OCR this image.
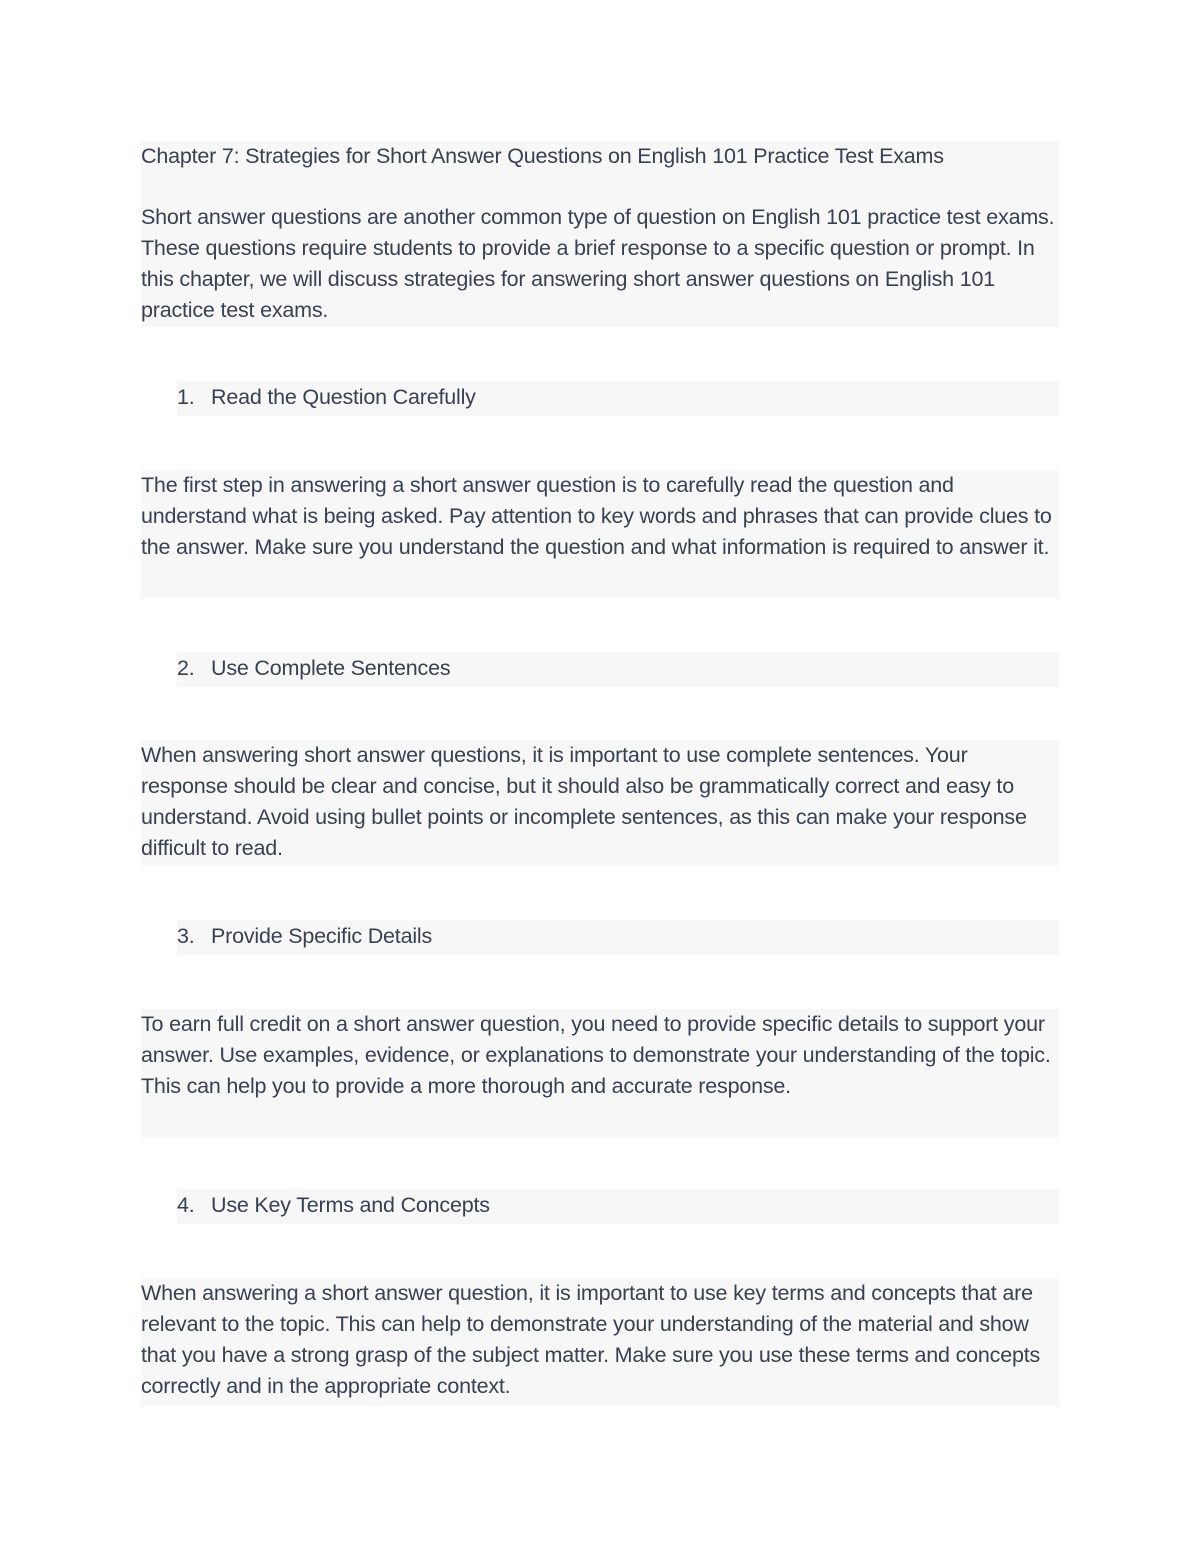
Chapter 7: Strategies for Short Answer Questions on English 101 Practice Test Exams
Short answer questions are another common type of question on English 101 practice test exams. These questions require students to provide a brief response to a specific question or prompt. In this chapter, we will discuss strategies for answering short answer questions on English 101 practice test exams.
1. Read the Question Carefully
The first step in answering a short answer question is to carefully read the question and understand what is being asked. Pay attention to key words and phrases that can provide clues to the answer. Make sure you understand the question and what information is required to answer it.
2. Use Complete Sentences
When answering short answer questions, it is important to use complete sentences. Your response should be clear and concise, but it should also be grammatically correct and easy to understand. Avoid using bullet points or incomplete sentences, as this can make your response difficult to read.
3. Provide Specific Details
To earn full credit on a short answer question, you need to provide specific details to support your answer. Use examples, evidence, or explanations to demonstrate your understanding of the topic. This can help you to provide a more thorough and accurate response.
4. Use Key Terms and Concepts
When answering a short answer question, it is important to use key terms and concepts that are relevant to the topic. This can help to demonstrate your understanding of the material and show that you have a strong grasp of the subject matter. Make sure you use these terms and concepts correctly and in the appropriate context.
